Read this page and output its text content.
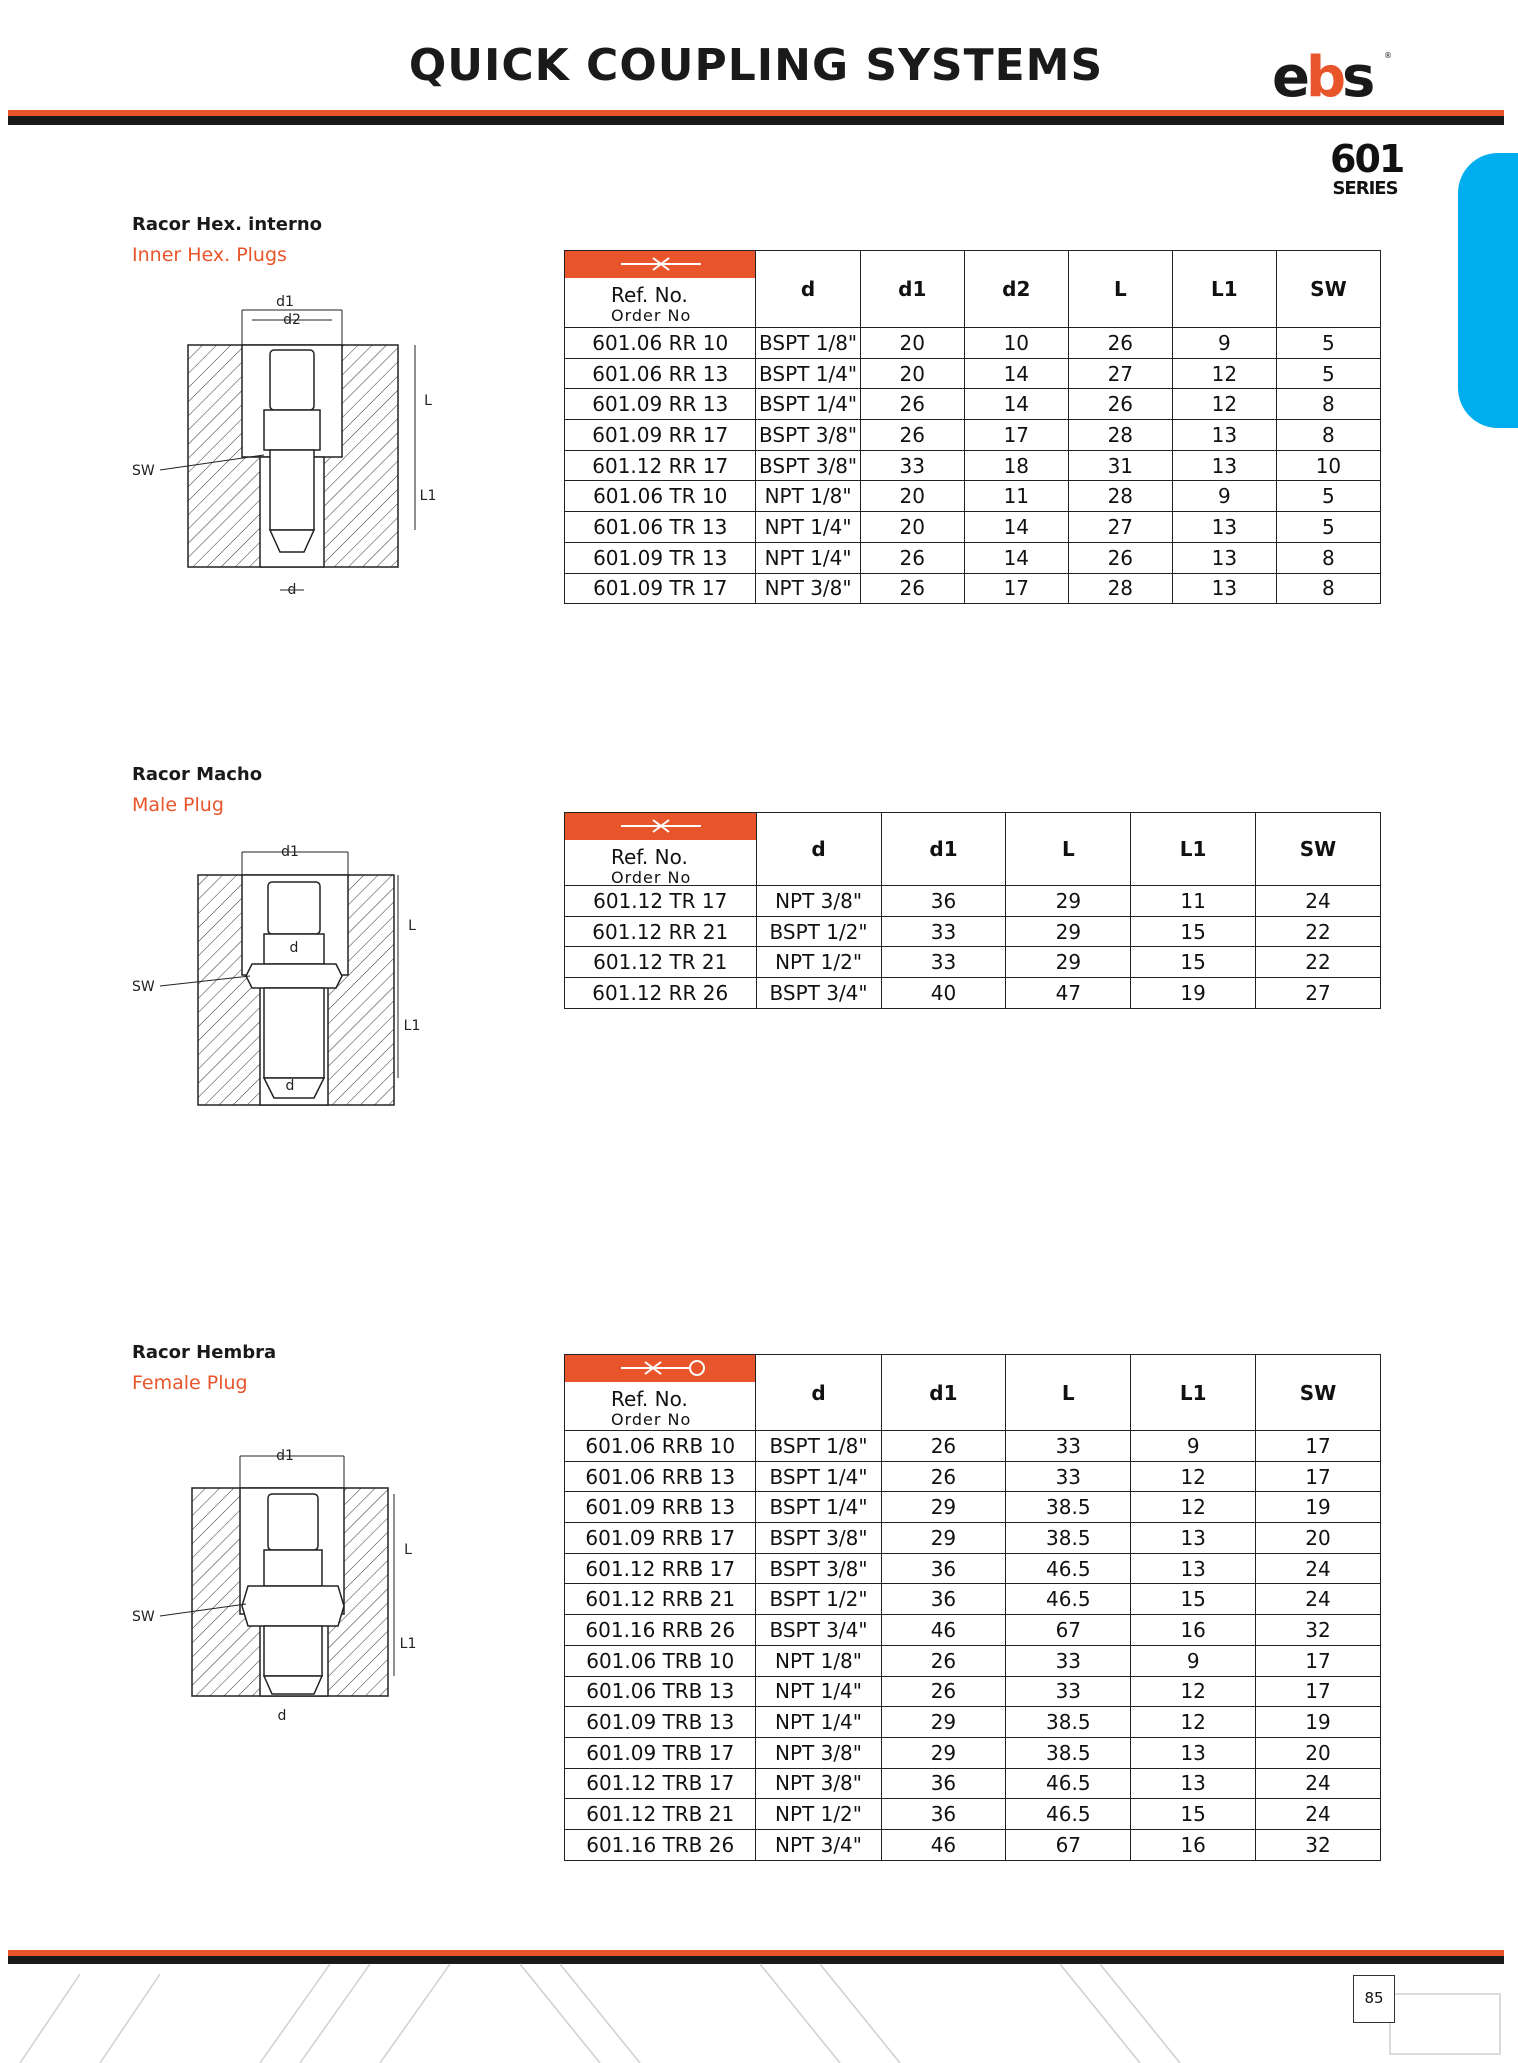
QUICK COUPLING SYSTEMS	e b s	®
601
SERIES
Racor Hex. interno
Inner Hex. Plugs
d1
d2
L
SW
L1
d
Ref. No.
Order No	d	d1	d2	L	L1	SW
601.06 RR 10	BSPT 1/8"	20	10	26	9	5
601.06 RR 13	BSPT 1/4"	20	14	27	12	5
601.09 RR 13	BSPT 1/4"	26	14	26	12	8
601.09 RR 17	BSPT 3/8"	26	17	28	13	8
601.12 RR 17	BSPT 3/8"	33	18	31	13	10
601.06 TR 10	NPT 1/8"	20	11	28	9	5
601.06 TR 13	NPT 1/4"	20	14	27	13	5
601.09 TR 13	NPT 1/4"	26	14	26	13	8
601.09 TR 17	NPT 3/8"	26	17	28	13	8
Racor Macho
Male Plug
d1
d
L
SW
L1
d
Ref. No.
Order No	d	d1	L	L1	SW
601.12 TR 17	NPT 3/8"	36	29	11	24
601.12 RR 21	BSPT 1/2"	33	29	15	22
601.12 TR 21	NPT 1/2"	33	29	15	22
601.12 RR 26	BSPT 3/4"	40	47	19	27
Racor Hembra
Female Plug
d1
L
SW
L1
d
Ref. No.
Order No	d	d1	L	L1	SW
601.06 RRB 10	BSPT 1/8"	26	33	9	17
601.06 RRB 13	BSPT 1/4"	26	33	12	17
601.09 RRB 13	BSPT 1/4"	29	38.5	12	19
601.09 RRB 17	BSPT 3/8"	29	38.5	13	20
601.12 RRB 17	BSPT 3/8"	36	46.5	13	24
601.12 RRB 21	BSPT 1/2"	36	46.5	15	24
601.16 RRB 26	BSPT 3/4"	46	67	16	32
601.06 TRB 10	NPT 1/8"	26	33	9	17
601.06 TRB 13	NPT 1/4"	26	33	12	17
601.09 TRB 13	NPT 1/4"	29	38.5	12	19
601.09 TRB 17	NPT 3/8"	29	38.5	13	20
601.12 TRB 17	NPT 3/8"	36	46.5	13	24
601.12 TRB 21	NPT 1/2"	36	46.5	15	24
601.16 TRB 26	NPT 3/4"	46	67	16	32
85
